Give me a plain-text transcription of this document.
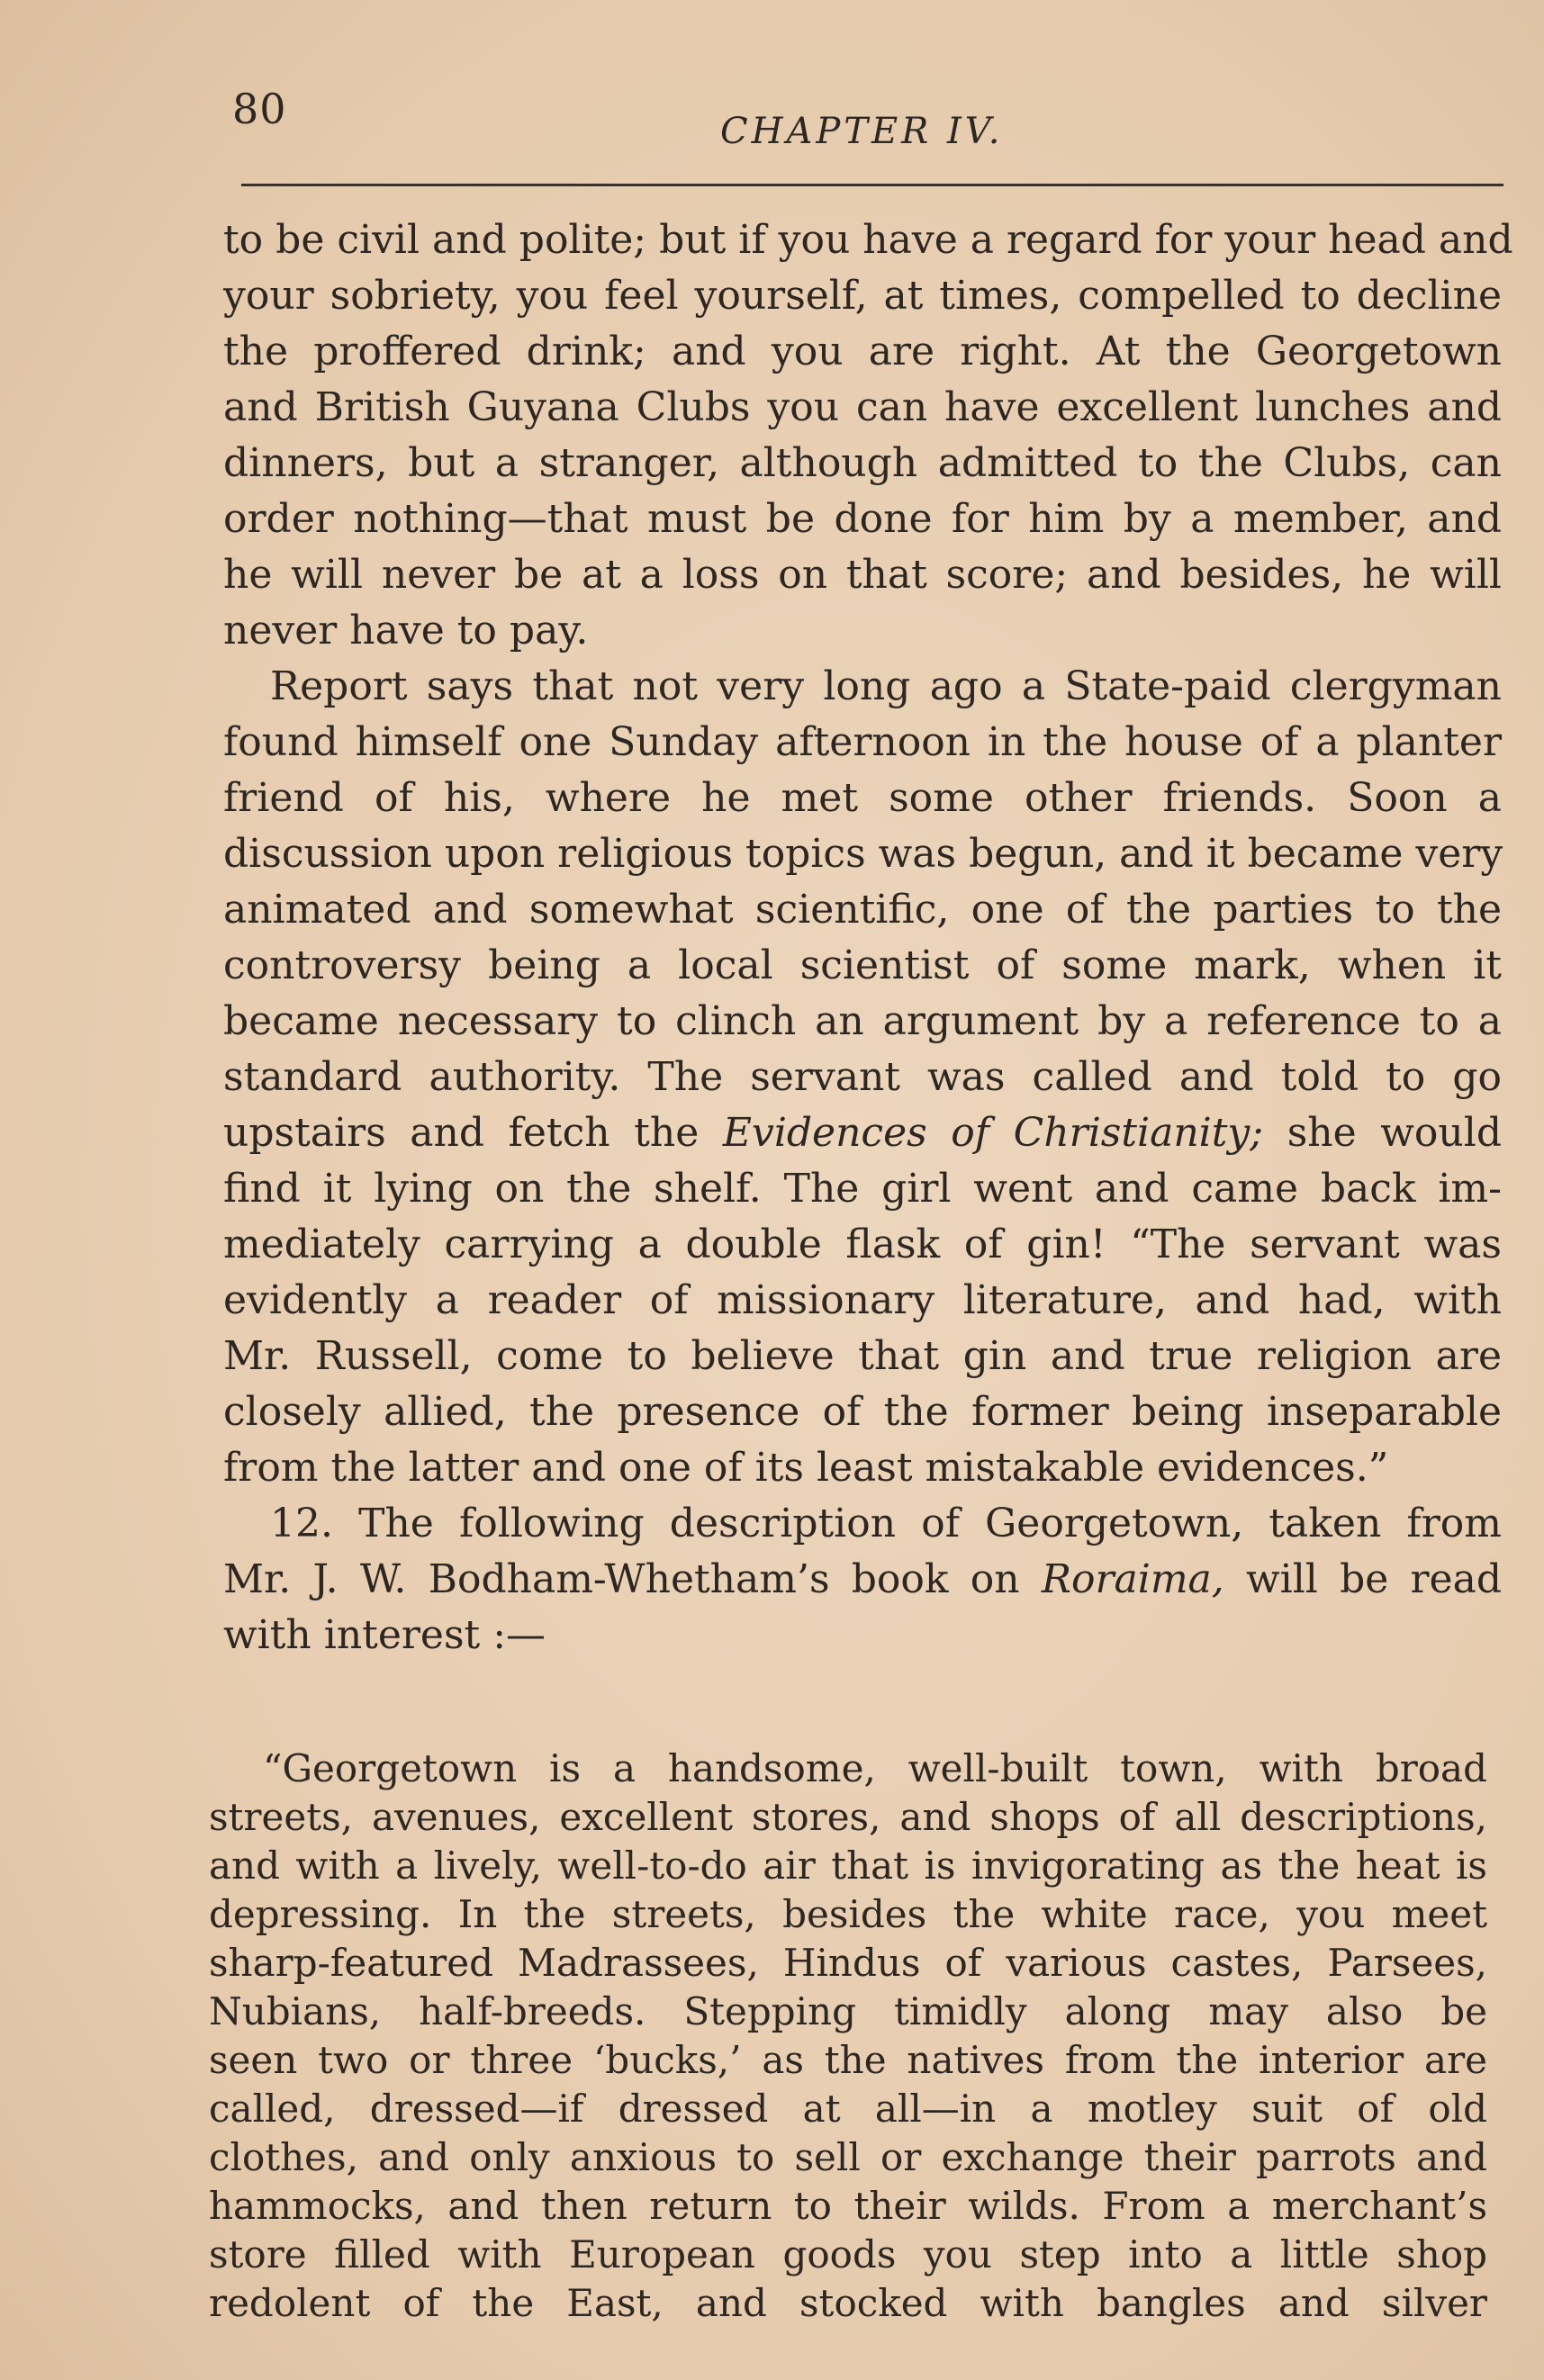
80	CHAPTER IV.
to be civil and polite; but if you have a regard for your head and
your sobriety, you feel yourself, at times, compelled to decline
the proffered drink; and you are right. At the Georgetown
and British Guyana Clubs you can have excellent lunches and
dinners, but a stranger, although admitted to the Clubs, can
order nothing—that must be done for him by a member, and
he will never be at a loss on that score; and besides, he will
never have to pay.
Report says that not very long ago a State-paid clergyman
found himself one Sunday afternoon in the house of a planter
friend of his, where he met some other friends. Soon a
discussion upon religious topics was begun, and it became very
animated and somewhat scientific, one of the parties to the
controversy being a local scientist of some mark, when it
became necessary to clinch an argument by a reference to a
standard authority. The servant was called and told to go
upstairs and fetch the Evidences of Christianity; she would
find it lying on the shelf. The girl went and came back im-
mediately carrying a double flask of gin! “The servant was
evidently a reader of missionary literature, and had, with
Mr. Russell, come to believe that gin and true religion are
closely allied, the presence of the former being inseparable
from the latter and one of its least mistakable evidences.”
12. The following description of Georgetown, taken from
Mr. J. W. Bodham-Whetham’s book on Roraima, will be read
with interest :—
“Georgetown is a handsome, well-built town, with broad
streets, avenues, excellent stores, and shops of all descriptions,
and with a lively, well-to-do air that is invigorating as the heat is
depressing. In the streets, besides the white race, you meet
sharp-featured Madrassees, Hindus of various castes, Parsees,
Nubians, half-breeds. Stepping timidly along may also be
seen two or three ‘bucks,’ as the natives from the interior are
called, dressed—if dressed at all—in a motley suit of old
clothes, and only anxious to sell or exchange their parrots and
hammocks, and then return to their wilds. From a merchant’s
store filled with European goods you step into a little shop
redolent of the East, and stocked with bangles and silver
